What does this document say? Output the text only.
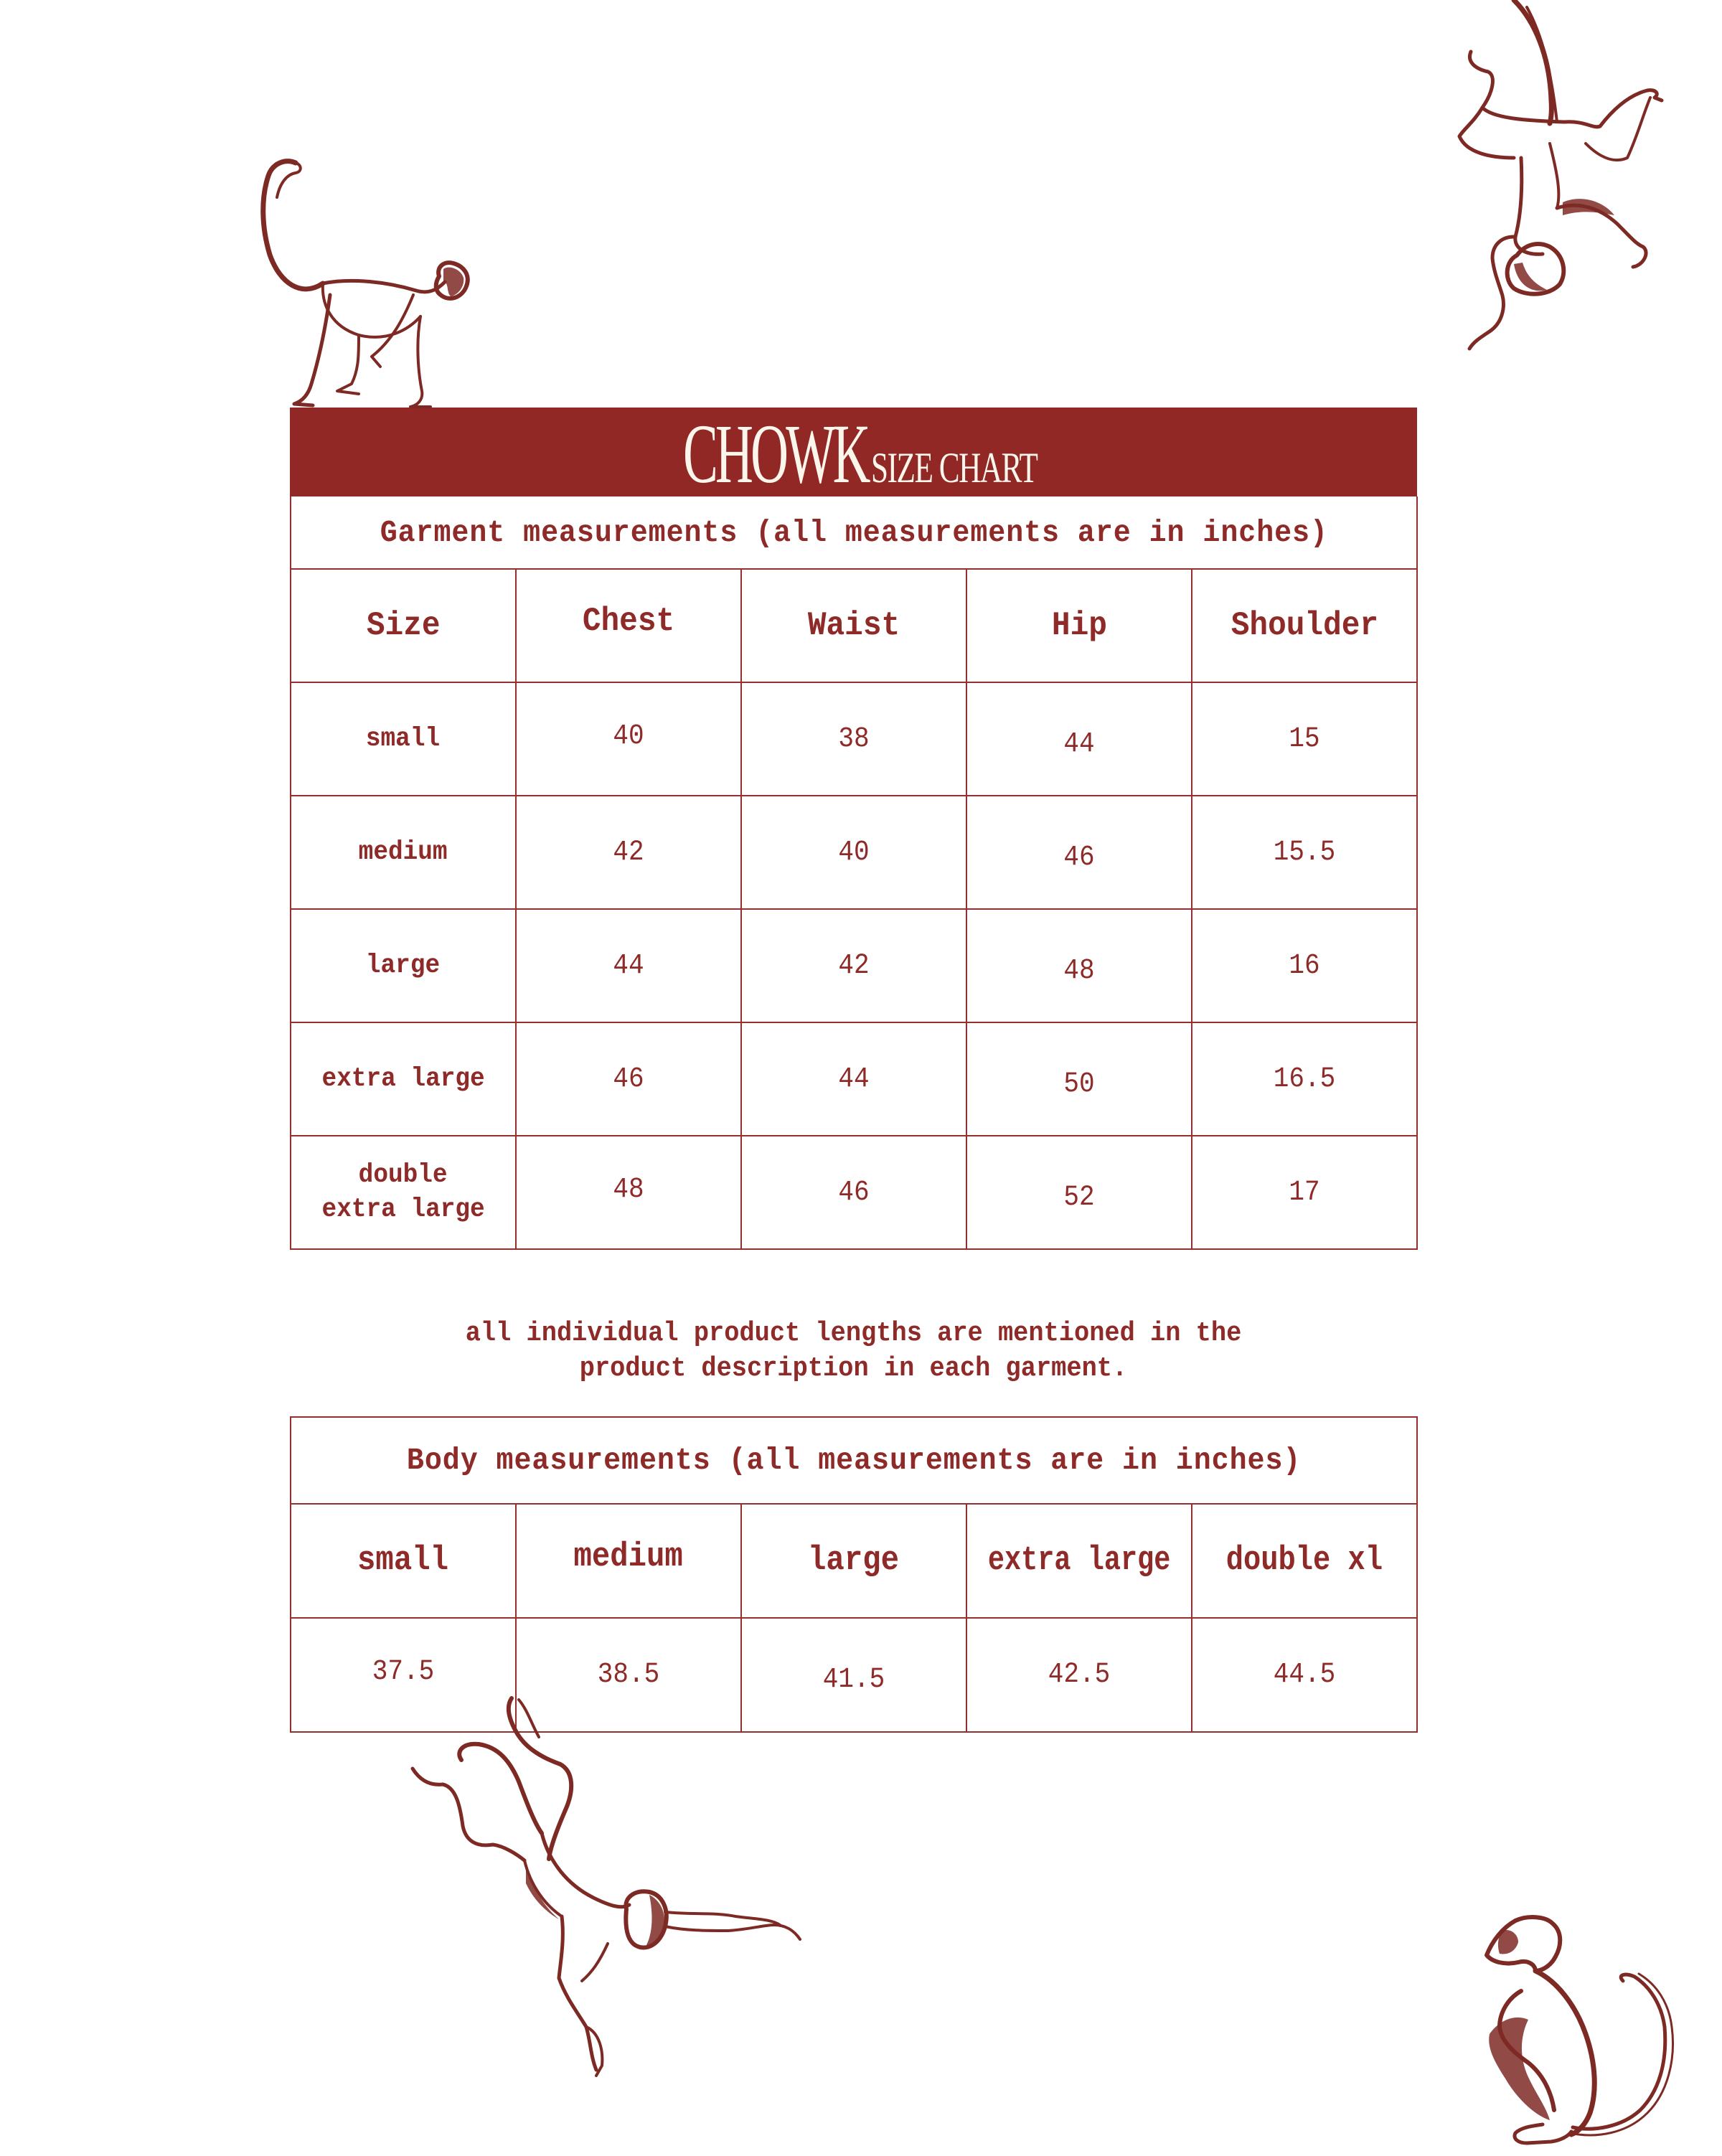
CHOWK SIZE CHART
Garment measurements (all measurements are in inches)				
Size	Chest	Waist	Hip	Shoulder
small	40	38	44	15
medium	42	40	46	15.5
large	44	42	48	16
extra large	46	44	50	16.5
double
extra large	48	46	52	17
all individual product lengths are mentioned in the
product description in each garment.
Body measurements (all measurements are in inches)				
small	medium	large	extra large	double xl
37.5	38.5	41.5	42.5	44.5
